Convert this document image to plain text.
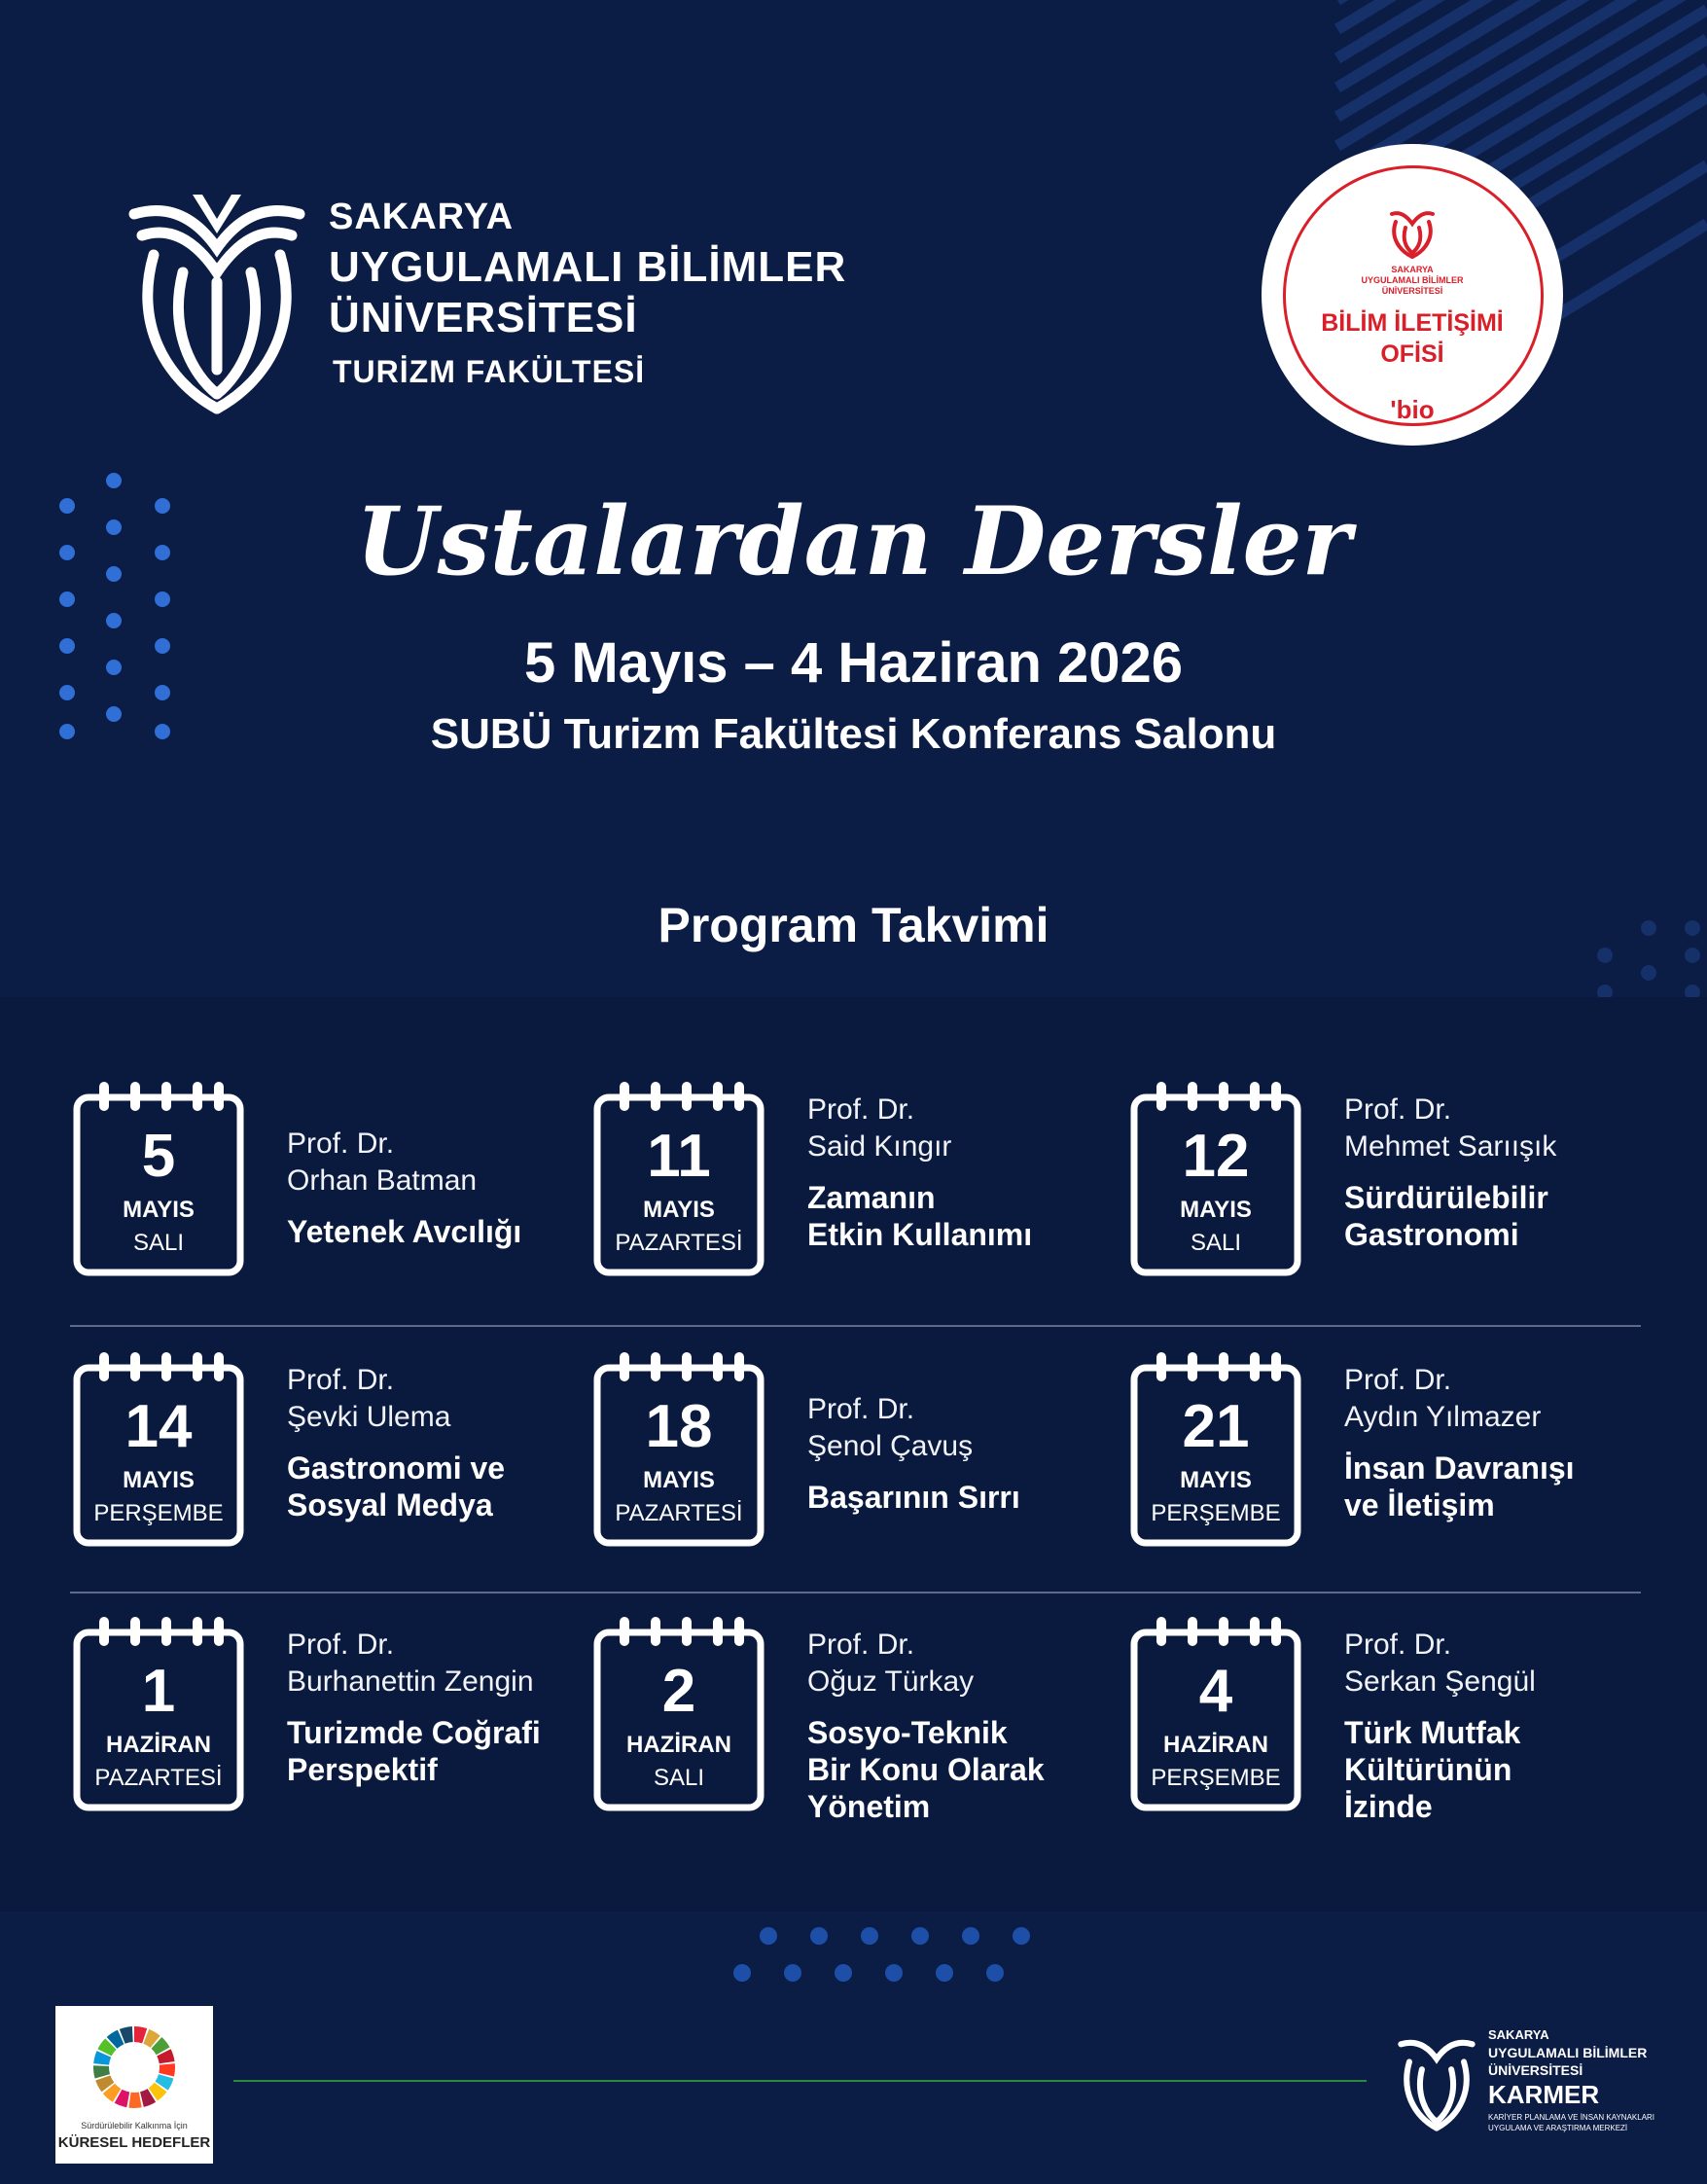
SAKARYA
UYGULAMALI BİLİMLER
ÜNİVERSİTESİ
TURİZM FAKÜLTESİ
SAKARYA
UYGULAMALI BİLİMLER
ÜNİVERSİTESİ
BİLİM İLETİŞİMİ
OFİSİ
'bio
Ustalardan Dersler
5 Mayıs – 4 Haziran 2026
SUBÜ Turizm Fakültesi Konferans Salonu
Program Takvimi
5
MAYIS
SALI
Prof. Dr.
Orhan Batman
Yetenek Avcılığı
11
MAYIS
PAZARTESİ
Prof. Dr.
Said Kıngır
Zamanın
Etkin Kullanımı
12
MAYIS
SALI
Prof. Dr.
Mehmet Sarıışık
Sürdürülebilir
Gastronomi
14
MAYIS
PERŞEMBE
Prof. Dr.
Şevki Ulema
Gastronomi ve
Sosyal Medya
18
MAYIS
PAZARTESİ
Prof. Dr.
Şenol Çavuş
Başarının Sırrı
21
MAYIS
PERŞEMBE
Prof. Dr.
Aydın Yılmazer
İnsan Davranışı
ve İletişim
1
HAZİRAN
PAZARTESİ
Prof. Dr.
Burhanettin Zengin
Turizmde Coğrafi
Perspektif
2
HAZİRAN
SALI
Prof. Dr.
Oğuz Türkay
Sosyo-Teknik
Bir Konu Olarak
Yönetim
4
HAZİRAN
PERŞEMBE
Prof. Dr.
Serkan Şengül
Türk Mutfak
Kültürünün
İzinde
Sürdürülebilir Kalkınma İçin
KÜRESEL HEDEFLER
SAKARYA
UYGULAMALI BİLİMLER
ÜNİVERSİTESİ
KARMER
KARİYER PLANLAMA VE İNSAN KAYNAKLARI
UYGULAMA VE ARAŞTIRMA MERKEZİ
